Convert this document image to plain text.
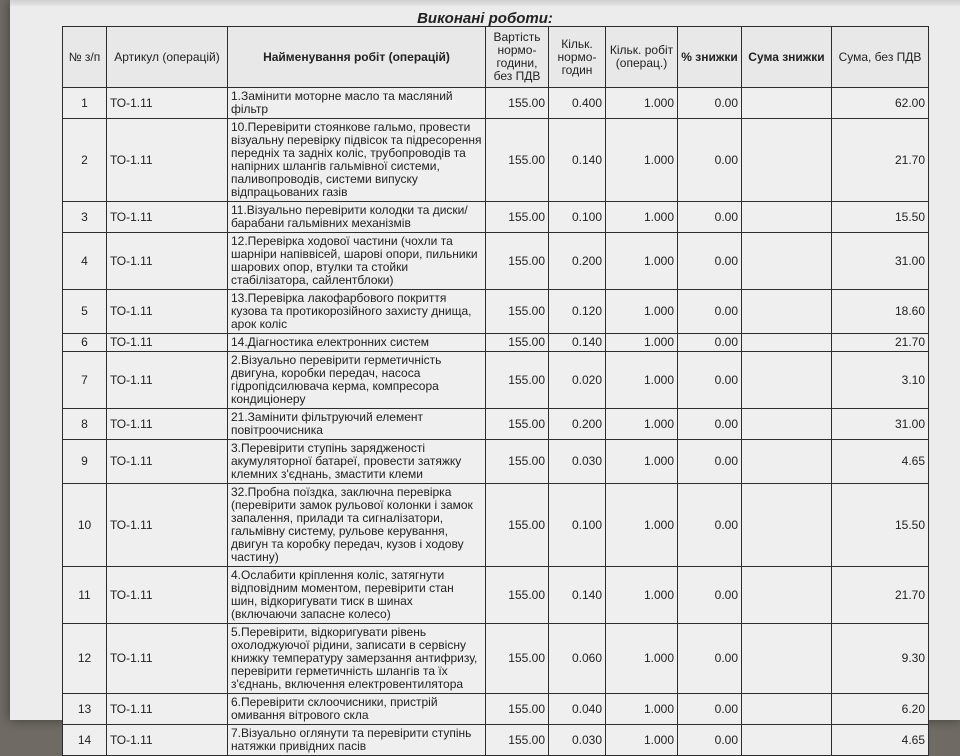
Виконані роботи:
№ з/п	Артикул (операцій)	Найменування робіт (операцій)	Вартість нормо-години, без ПДВ	Кільк. нормо-годин	Кільк. робіт (операц.)	% знижки	Сума знижки	Сума, без ПДВ
1	ТО-1.11	1.Замінити моторне масло та масляний фільтр	155.00	0.400	1.000	0.00		62.00
2	ТО-1.11	10.Перевірити стоянкове гальмо, провести візуальну перевірку підвісок та підресорення передніх та задніх коліс, трубопроводів та напірних шлангів гальмівної системи, паливопроводів, системи випуску відпрацьованих газів	155.00	0.140	1.000	0.00		21.70
3	ТО-1.11	11.Візуально перевірити колодки та диски/барабани гальмівних механізмів	155.00	0.100	1.000	0.00		15.50
4	ТО-1.11	12.Перевірка ходової частини (чохли та шарніри напіввісей, шарові опори, пильники шарових опор, втулки та стойки стабілізатора, сайлентблоки)	155.00	0.200	1.000	0.00		31.00
5	ТО-1.11	13.Перевірка лакофарбового покриття кузова та протикорозійного захисту днища, арок коліс	155.00	0.120	1.000	0.00		18.60
6	ТО-1.11	14.Діагностика електронних систем	155.00	0.140	1.000	0.00		21.70
7	ТО-1.11	2.Візуально перевірити герметичність двигуна, коробки передач, насоса гідропідсилювача керма, компресора кондиціонеру	155.00	0.020	1.000	0.00		3.10
8	ТО-1.11	21.Замінити фільтруючий елемент повітроочисника	155.00	0.200	1.000	0.00		31.00
9	ТО-1.11	3.Перевірити ступінь зарядженості акумуляторної батареї, провести затяжку клемних з'єднань, змастити клеми	155.00	0.030	1.000	0.00		4.65
10	ТО-1.11	32.Пробна поїздка, заключна перевірка (перевірити замок рульової колонки і замок запалення, прилади та сигналізатори, гальмівну систему, рульове керування, двигун та коробку передач, кузов і ходову частину)	155.00	0.100	1.000	0.00		15.50
11	ТО-1.11	4.Ослабити кріплення коліс, затягнути відповідним моментом, перевірити стан шин, відкоригувати тиск в шинах (включаючи запасне колесо)	155.00	0.140	1.000	0.00		21.70
12	ТО-1.11	5.Перевірити, відкоригувати рівень охолоджуючої рідини, записати в сервісну книжку температуру замерзання антифризу, перевірити герметичність шлангів та їх з'єднань, включення електровентилятора	155.00	0.060	1.000	0.00		9.30
13	ТО-1.11	6.Перевірити склоочисники, пристрій омивання вітрового скла	155.00	0.040	1.000	0.00		6.20
14	ТО-1.11	7.Візуально оглянути та перевірити ступінь натяжки привідних пасів	155.00	0.030	1.000	0.00		4.65
